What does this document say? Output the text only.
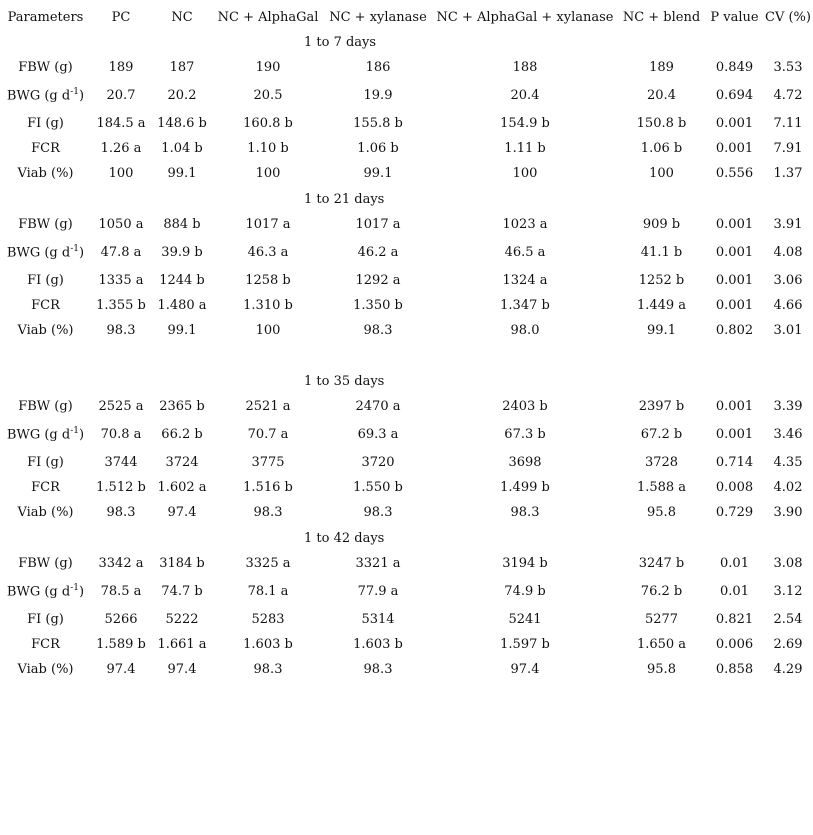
Parameters	PC	NC	NC + AlphaGal	NC + xylanase	NC + AlphaGal + xylanase	NC + blend	P value	CV (%)
	1 to 7 days							
FBW (g)	189	187	190	186	188	189	0.849	3.53
BWG (g $d^{-1}$)	20.7	20.2	20.5	19.9	20.4	20.4	0.694	4.72
FI (g)	184.5 a	148.6 b	160.8 b	155.8 b	154.9 b	150.8 b	0.001	7.11
FCR	1.26 a	1.04 b	1.10 b	1.06 b	1.11 b	1.06 b	0.001	7.91
Viab (%)	100	99.1	100	99.1	100	100	0.556	1.37
	1 to 21 days							
FBW (g)	1050 a	884 b	1017 a	1017 a	1023 a	909 b	0.001	3.91
BWG (g $d^{-1}$)	47.8 a	39.9 b	46.3 a	46.2 a	46.5 a	41.1 b	0.001	4.08
FI (g)	1335 a	1244 b	1258 b	1292 a	1324 a	1252 b	0.001	3.06
FCR	1.355 b	1.480 a	1.310 b	1.350 b	1.347 b	1.449 a	0.001	4.66
Viab (%)	98.3	99.1	100	98.3	98.0	99.1	0.802	3.01

	1 to 35 days							
FBW (g)	2525 a	2365 b	2521 a	2470 a	2403 b	2397 b	0.001	3.39
BWG (g $d^{-1}$)	70.8 a	66.2 b	70.7 a	69.3 a	67.3 b	67.2 b	0.001	3.46
FI (g)	3744	3724	3775	3720	3698	3728	0.714	4.35
FCR	1.512 b	1.602 a	1.516 b	1.550 b	1.499 b	1.588 a	0.008	4.02
Viab (%)	98.3	97.4	98.3	98.3	98.3	95.8	0.729	3.90
	1 to 42 days							
FBW (g)	3342 a	3184 b	3325 a	3321 a	3194 b	3247 b	0.01	3.08
BWG (g $d^{-1}$)	78.5 a	74.7 b	78.1 a	77.9 a	74.9 b	76.2 b	0.01	3.12
FI (g)	5266	5222	5283	5314	5241	5277	0.821	2.54
FCR	1.589 b	1.661 a	1.603 b	1.603 b	1.597 b	1.650 a	0.006	2.69
Viab (%)	97.4	97.4	98.3	98.3	97.4	95.8	0.858	4.29
